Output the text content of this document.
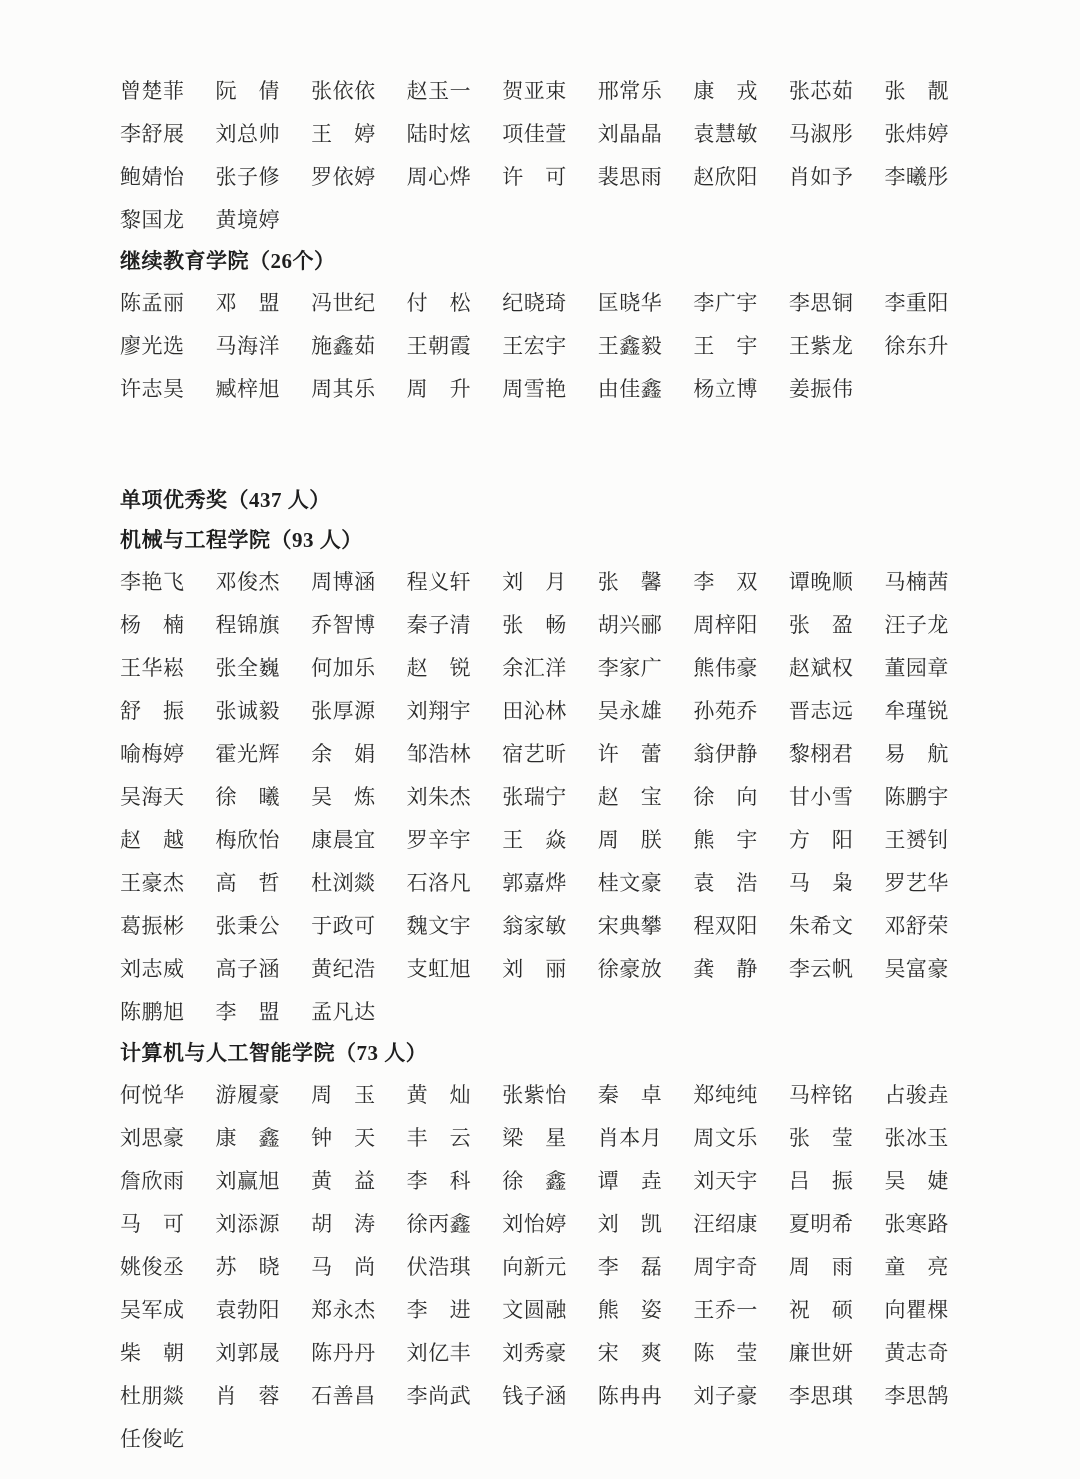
曾楚菲	阮　倩	张依依	赵玉一	贺亚束	邢常乐	康　戎	张芯茹	张　靓
李舒展	刘总帅	王　婷	陆时炫	项佳萱	刘晶晶	袁慧敏	马淑彤	张炜婷
鲍婧怡	张子修	罗依婷	周心烨	许　可	裴思雨	赵欣阳	肖如予	李曦彤
黎国龙	黄境婷
继续教育学院（26个）
陈孟丽	邓　盟	冯世纪	付　松	纪晓琦	匡晓华	李广宇	李思铜	李重阳
廖光选	马海洋	施鑫茹	王朝霞	王宏宇	王鑫毅	王　宇	王紫龙	徐东升
许志昊	臧梓旭	周其乐	周　升	周雪艳	由佳鑫	杨立博	姜振伟
单项优秀奖（437 人）
机械与工程学院（93 人）
李艳飞	邓俊杰	周博涵	程义轩	刘　月	张　馨	李　双	谭晚顺	马楠茜
杨　楠	程锦旗	乔智博	秦子清	张　畅	胡兴郦	周梓阳	张　盈	汪子龙
王华崧	张全巍	何加乐	赵　锐	余汇洋	李家广	熊伟豪	赵斌权	董园章
舒　振	张诚毅	张厚源	刘翔宇	田沁林	吴永雄	孙苑乔	晋志远	牟瑾锐
喻梅婷	霍光辉	余　娟	邹浩林	宿艺昕	许　蕾	翁伊静	黎栩君	易　航
吴海天	徐　曦	吴　炼	刘朱杰	张瑞宁	赵　宝	徐　向	甘小雪	陈鹏宇
赵　越	梅欣怡	康晨宜	罗辛宇	王　焱	周　朕	熊　宇	方　阳	王赟钊
王豪杰	高　哲	杜浏燚	石洛凡	郭嘉烨	桂文豪	袁　浩	马　枭	罗艺华
葛振彬	张秉公	于政可	魏文宇	翁家敏	宋典攀	程双阳	朱希文	邓舒荣
刘志威	高子涵	黄纪浩	支虹旭	刘　丽	徐豪放	龚　静	李云帆	吴富豪
陈鹏旭	李　盟	孟凡达
计算机与人工智能学院（73 人）
何悦华	游履豪	周　玉	黄　灿	张紫怡	秦　卓	郑纯纯	马梓铭	占骏垚
刘思豪	康　鑫	钟　天	丰　云	梁　星	肖本月	周文乐	张　莹	张冰玉
詹欣雨	刘赢旭	黄　益	李　科	徐　鑫	谭　垚	刘天宇	吕　振	吴　婕
马　可	刘添源	胡　涛	徐丙鑫	刘怡婷	刘　凯	汪绍康	夏明希	张寒路
姚俊丞	苏　晓	马　尚	伏浩琪	向新元	李　磊	周宇奇	周　雨	童　亮
吴军成	袁勃阳	郑永杰	李　进	文圆融	熊　姿	王乔一	祝　硕	向瞿棵
柴　朝	刘郭晟	陈丹丹	刘亿丰	刘秀豪	宋　爽	陈　莹	廉世妍	黄志奇
杜朋燚	肖　蓉	石善昌	李尚武	钱子涵	陈冉冉	刘子豪	李思琪	李思鹄
任俊屹
